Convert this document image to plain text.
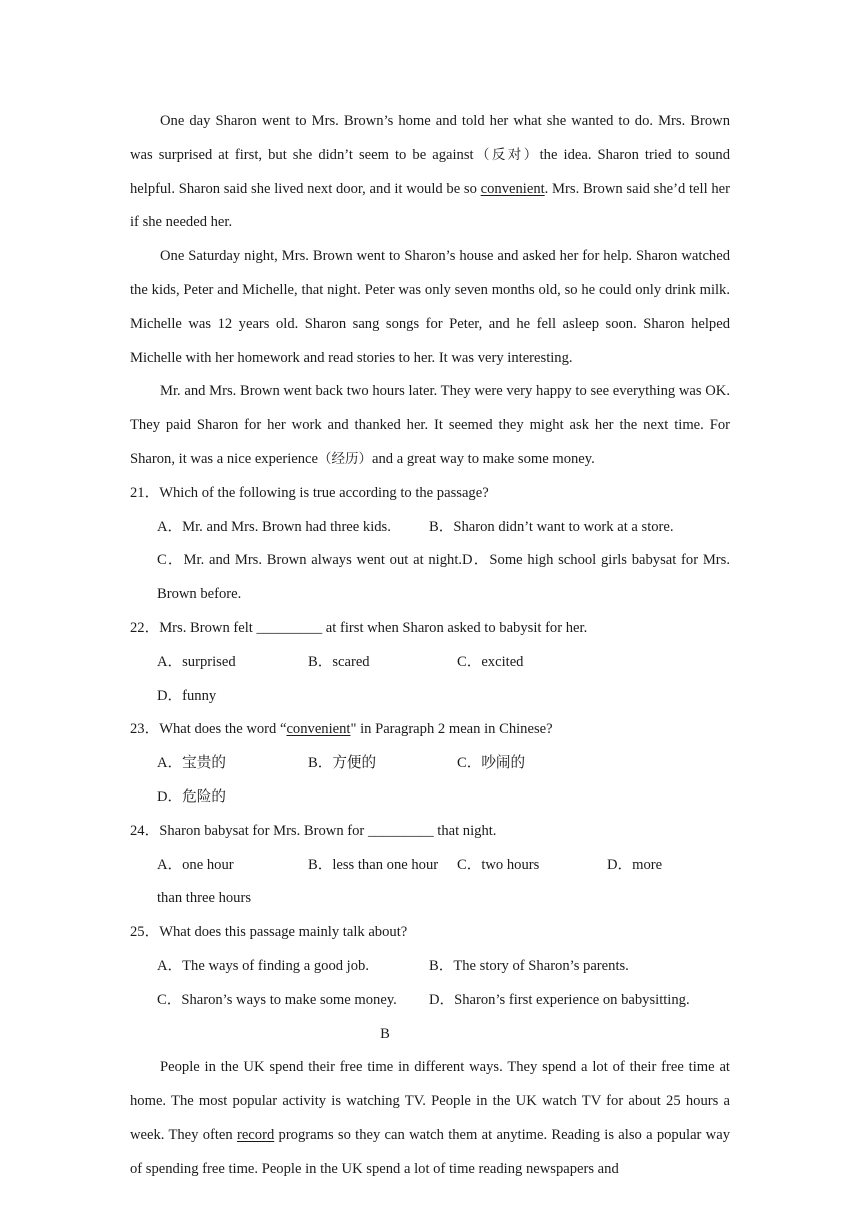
One day Sharon went to Mrs. Brown’s home and told her what she wanted to do. Mrs. Brown was surprised at first, but she didn’t seem to be against（反对）the idea. Sharon tried to sound helpful. Sharon said she lived next door, and it would be so convenient. Mrs. Brown said she’d tell her if she needed her.

One Saturday night, Mrs. Brown went to Sharon’s house and asked her for help. Sharon watched the kids, Peter and Michelle, that night. Peter was only seven months old, so he could only drink milk. Michelle was 12 years old. Sharon sang songs for Peter, and he fell asleep soon. Sharon helped Michelle with her homework and read stories to her. It was very interesting.

Mr. and Mrs. Brown went back two hours later. They were very happy to see everything was OK. They paid Sharon for her work and thanked her. It seemed they might ask her the next time. For Sharon, it was a nice experience（经历）and a great way to make some money.

21．Which of the following is true according to the passage?

A．Mr. and Mrs. Brown had three kids.	B．Sharon didn’t want to work at a store.
C．Mr. and Mrs. Brown always went out at night.D．Some high school girls babysat for Mrs. Brown before.

22．Mrs. Brown felt _________ at first when Sharon asked to babysit for her.

A．surprised	B．scared	C．excitedD．funny

23．What does the word “convenient" in Paragraph 2 mean in Chinese?

A．宝贵的	B．方便的	C．吵闹的D．危险的

24．Sharon babysat for Mrs. Brown for _________ that night.

A．one hour	B．less than one hour C．two hours	D．more than three hours

25．What does this passage mainly talk about?

A．The ways of finding a good job.	B．The story of Sharon’s parents.
C．Sharon’s ways to make some money. D．Sharon’s first experience on babysitting.

B

People in the UK spend their free time in different ways. They spend a lot of their free time at home. The most popular activity is watching TV. People in the UK watch TV for about 25 hours a week. They often record programs so they can watch them at anytime. Reading is also a popular way of spending free time. People in the UK spend a lot of time reading newspapers and
